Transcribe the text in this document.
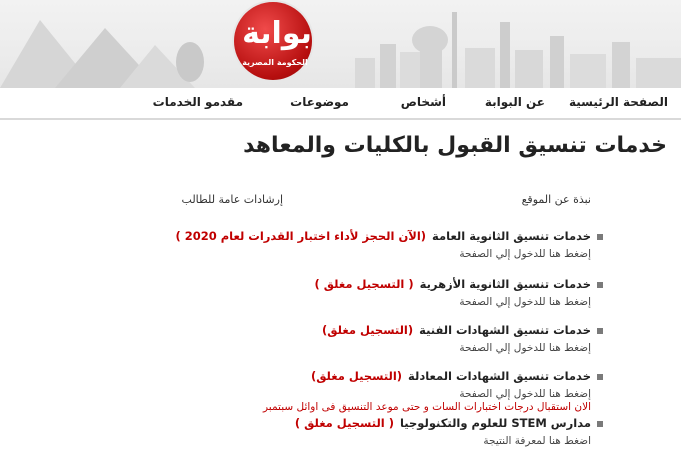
بوابة
الحكومة المصرية
الصفحة الرئيسية
عن البوابة
أشخاص
موضوعات
مقدمو الخدمات
خدمات تنسيق القبول بالكليات والمعاهد
نبذة عن الموقع
إرشادات عامة للطالب
خدمات تنسيق الثانوية العامة(الآن الحجز لأداء اختبار القدرات لعام 2020 )
إضغط هنا للدخول إلي الصفحة
خدمات تنسيق الثانوية الأزهرية( التسجيل مغلق )
إضغط هنا للدخول إلي الصفحة
خدمات تنسيق الشهادات الفنية(التسجيل مغلق)
إضغط هنا للدخول إلي الصفحة
خدمات تنسيق الشهادات المعادلة(التسجيل مغلق)
إضغط هنا للدخول إلي الصفحة
الان استقبال درجات اختبارات السات و حتى موعد التنسيق فى اوائل سبتمبر
مدارس STEM للعلوم والتكنولوجيا( التسجيل مغلق )
اضغط هنا لمعرفة النتيجة
